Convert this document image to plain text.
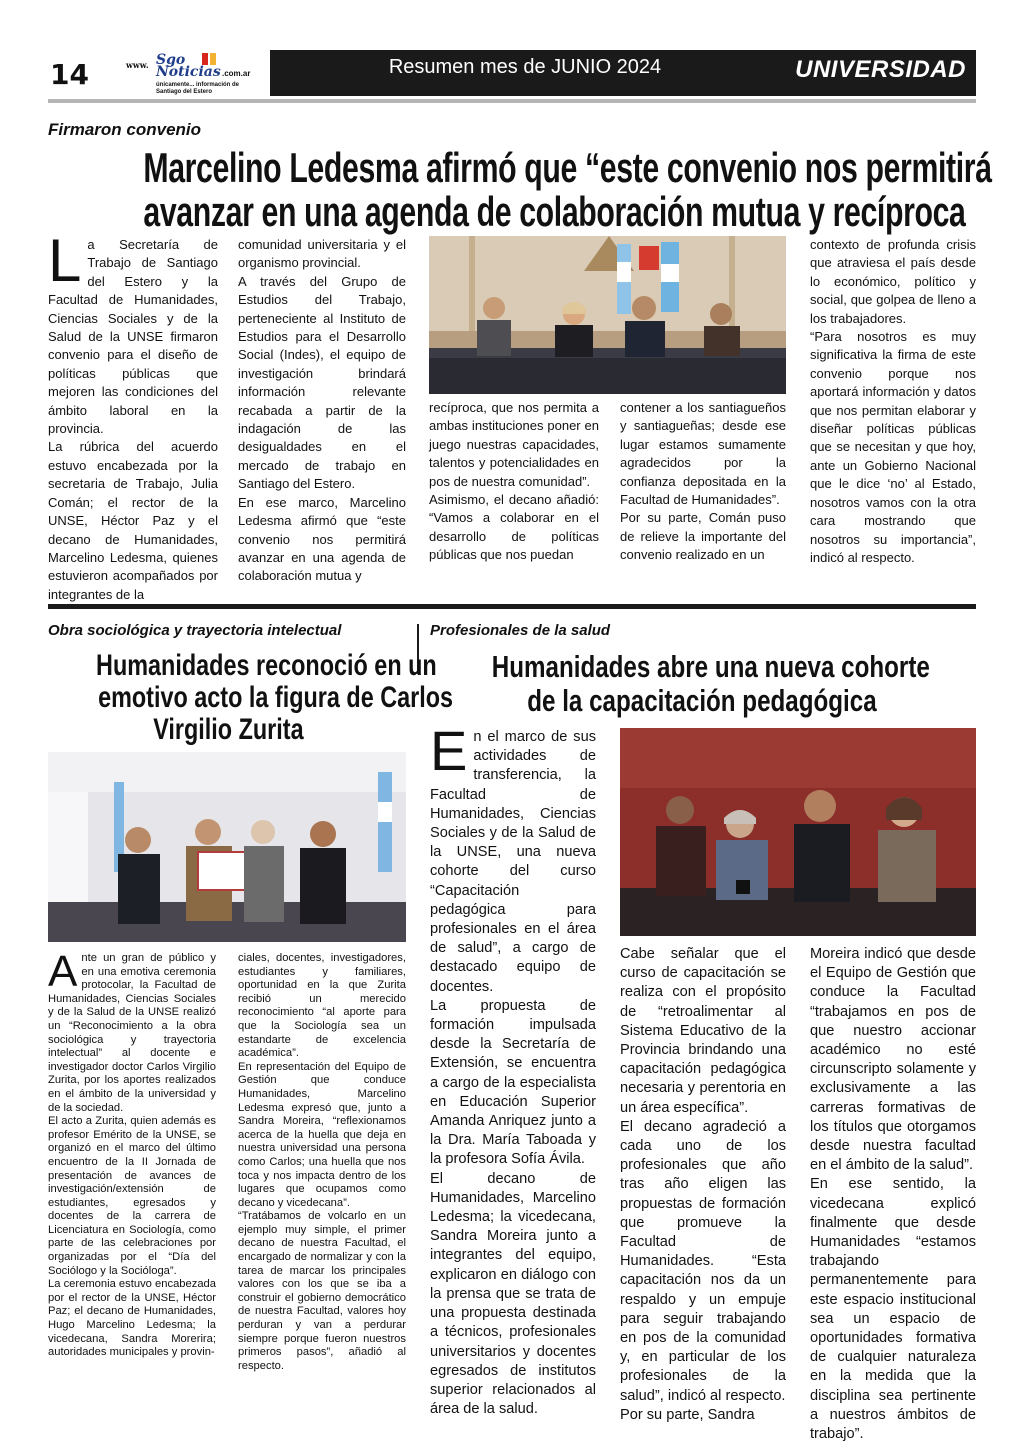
14	www. Sgo
Noticias .com.ar
únicamente... información de Santiago del Estero
Resumen mes de JUNIO 2024	UNIVERSIDAD
Firmaron convenio
Marcelino Ledesma afirmó que “este convenio nos permitirá
avanzar en una agenda de colaboración mutua y recíproca

La Secretaría de Trabajo de Santiago del Estero y la Facultad de Humanidades, Ciencias Sociales y de la Salud de la UNSE firmaron convenio para el diseño de políticas públicas que mejoren las condiciones del ámbito laboral en la provincia.

La rúbrica del acuerdo estuvo encabezada por la secretaria de Trabajo, Julia Comán; el rector de la UNSE, Héctor Paz y el decano de Humanidades, Marcelino Ledesma, quienes estuvieron acompañados por integrantes de la

comunidad universitaria y el organismo provincial.

A través del Grupo de Estudios del Trabajo, perteneciente al Instituto de Estudios para el Desarrollo Social (Indes), el equipo de investigación brindará información relevante recabada a partir de la indagación de las desigualdades en el mercado de trabajo en Santiago del Estero.

En ese marco, Marcelino Ledesma afirmó que “este convenio nos permitirá avanzar en una agenda de colaboración mutua y

recíproca, que nos permita a ambas instituciones poner en juego nuestras capacidades, talentos y potencialidades en pos de nuestra comunidad”.

Asimismo, el decano añadió: “Vamos a colaborar en el desarrollo de políticas públicas que nos puedan

contener a los santiagueños y santiagueñas; desde ese lugar estamos sumamente agradecidos por la confianza depositada en la Facultad de Humanidades”.

Por su parte, Comán puso de relieve la importante del convenio realizado en un

contexto de profunda crisis que atraviesa el país desde lo económico, político y social, que golpea de lleno a los trabajadores.

“Para nosotros es muy significativa la firma de este convenio porque nos aportará información y datos que nos permitan elaborar y diseñar políticas públicas que se necesitan y que hoy, ante un Gobierno Nacional que le dice ‘no’ al Estado, nosotros vamos con la otra cara mostrando que nosotros su importancia”, indicó al respecto.

Obra sociológica y trayectoria intelectual
Humanidades reconoció en un
emotivo acto la figura de Carlos
Virgilio Zurita

Ante un gran de público y en una emotiva ceremonia protocolar, la Facultad de Humanidades, Ciencias Sociales y de la Salud de la UNSE realizó un “Reconocimiento a la obra sociológica y trayectoria intelectual” al docente e investigador doctor Carlos Virgilio Zurita, por los aportes realizados en el ámbito de la universidad y de la sociedad.

El acto a Zurita, quien además es profesor Emérito de la UNSE, se organizó en el marco del último encuentro de la II Jornada de presentación de avances de investigación/extensión de estudiantes, egresados y docentes de la carrera de Licenciatura en Sociología, como parte de las celebraciones por organizadas por el “Día del Sociólogo y la Socióloga”.

La ceremonia estuvo encabezada por el rector de la UNSE, Héctor Paz; el decano de Humanidades, Hugo Marcelino Ledesma; la vicedecana, Sandra Morerira; autoridades municipales y provin-

ciales, docentes, investigadores, estudiantes y familiares, oportunidad en la que Zurita recibió un merecido reconocimiento “al aporte para que la Sociología sea un estandarte de excelencia académica”.

En representación del Equipo de Gestión que conduce Humanidades, Marcelino Ledesma expresó que, junto a Sandra Moreira, “reflexionamos acerca de la huella que deja en nuestra universidad una persona como Carlos; una huella que nos toca y nos impacta dentro de los lugares que ocupamos como decano y vicedecana”.

“Tratábamos de volcarlo en un ejemplo muy simple, el primer decano de nuestra Facultad, el encargado de normalizar y con la tarea de marcar los principales valores con los que se iba a construir el gobierno democrático de nuestra Facultad, valores hoy perduran y van a perdurar siempre porque fueron nuestros primeros pasos”, añadió al respecto.

Profesionales de la salud
Humanidades abre una nueva cohorte
de la capacitación pedagógica

En el marco de sus actividades de transferencia, la Facultad de Humanidades, Ciencias Sociales y de la Salud de la UNSE, una nueva cohorte del curso “Capacitación pedagógica para profesionales en el área de salud”, a cargo de destacado equipo de docentes.

La propuesta de formación impulsada desde la Secretaría de Extensión, se encuentra a cargo de la especialista en Educación Superior Amanda Anriquez junto a la Dra. María Taboada y la profesora Sofía Ávila.

El decano de Humanidades, Marcelino Ledesma; la vicedecana, Sandra Moreira junto a integrantes del equipo, explicaron en diálogo con la prensa que se trata de una propuesta destinada a técnicos, profesionales universitarios y docentes egresados de institutos superior relacionados al área de la salud.

Cabe señalar que el curso de capacitación se realiza con el propósito de “retroalimentar al Sistema Educativo de la Provincia brindando una capacitación pedagógica necesaria y perentoria en un área específica”.

El decano agradeció a cada uno de los profesionales que año tras año eligen las propuestas de formación que promueve la Facultad de Humanidades. “Esta capacitación nos da un respaldo y un empuje para seguir trabajando en pos de la comunidad y, en particular de los profesionales de la salud”, indicó al respecto.

Por su parte, Sandra

Moreira indicó que desde el Equipo de Gestión que conduce la Facultad “trabajamos en pos de que nuestro accionar académico no esté circunscripto solamente y exclusivamente a las carreras formativas de los títulos que otorgamos desde nuestra facultad en el ámbito de la salud”.

En ese sentido, la vicedecana explicó finalmente que desde Humanidades “estamos trabajando permanentemente para este espacio institucional sea un espacio de oportunidades formativa de cualquier naturaleza en la medida que la disciplina sea pertinente a nuestros ámbitos de trabajo”.
